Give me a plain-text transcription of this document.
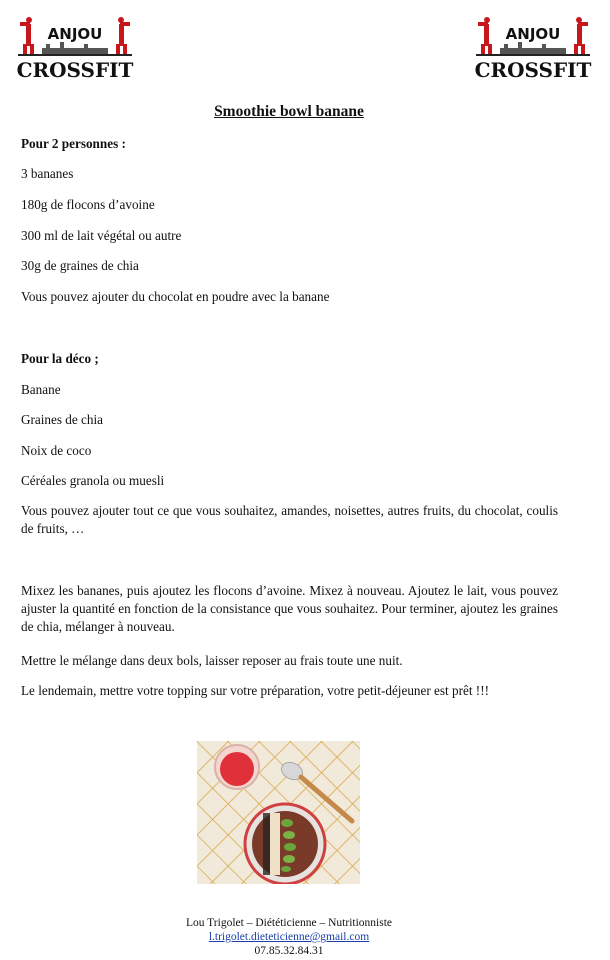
ANJOU
CROSSFIT
ANJOU
CROSSFIT
Smoothie bowl banane
Pour 2 personnes :
3 bananes
180g de flocons d’avoine
300 ml de lait végétal ou autre
30g de graines de chia
Vous pouvez ajouter du chocolat en poudre avec la banane
Pour la déco ;
Banane
Graines de chia
Noix de coco
Céréales granola ou muesli
Vous pouvez ajouter tout ce que vous souhaitez, amandes, noisettes, autres fruits, du chocolat, coulis de fruits, …
Mixez les bananes, puis ajoutez les flocons d’avoine. Mixez à nouveau. Ajoutez le lait, vous pouvez ajuster la quantité en fonction de la consistance que vous souhaitez. Pour terminer, ajoutez les graines de chia, mélanger à nouveau.
Mettre le mélange dans deux bols, laisser reposer au frais toute une nuit.
Le lendemain, mettre votre topping sur votre préparation, votre petit-déjeuner est prêt !!!
Lou Trigolet – Diététicienne – Nutritionniste
l.trigolet.dieteticienne@gmail.com
07.85.32.84.31
